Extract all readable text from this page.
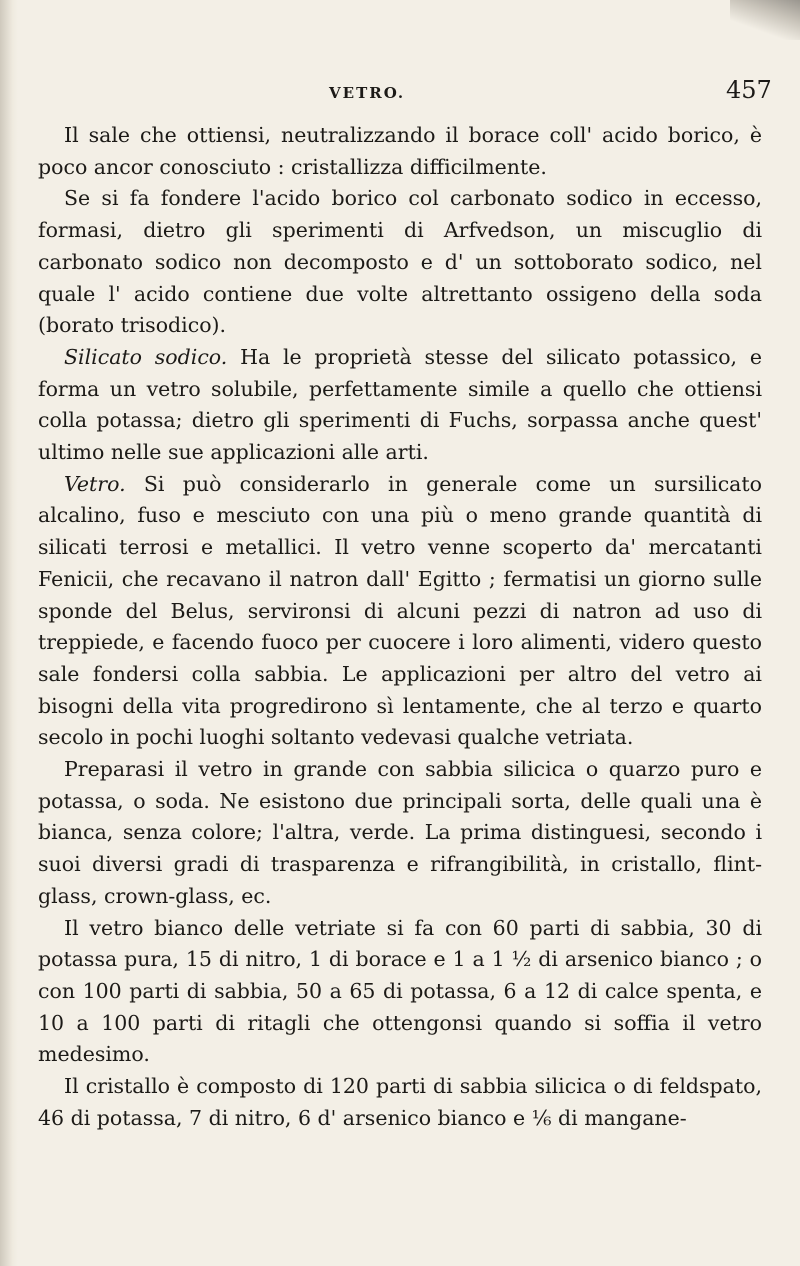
VETRO.	457

Il sale che ottiensi, neutralizzando il borace coll' acido borico, è poco ancor conosciuto : cristallizza difficilmente.

Se si fa fondere l'acido borico col carbonato sodico in eccesso, formasi, dietro gli sperimenti di Arfvedson, un miscuglio di carbonato sodico non decomposto e d' un sottoborato sodico, nel quale l' acido contiene due volte altrettanto ossigeno della soda (borato trisodico).

Silicato sodico. Ha le proprietà stesse del silicato potassico, e forma un vetro solubile, perfettamente simile a quello che ottiensi colla potassa; dietro gli sperimenti di Fuchs, sorpassa anche quest' ultimo nelle sue applicazioni alle arti.

Vetro. Si può considerarlo in generale come un sursilicato alcalino, fuso e mesciuto con una più o meno grande quantità di silicati terrosi e metallici. Il vetro venne scoperto da' mercatanti Fenicii, che recavano il natron dall' Egitto ; fermatisi un giorno sulle sponde del Belus, servironsi di alcuni pezzi di natron ad uso di treppiede, e facendo fuoco per cuocere i loro alimenti, videro questo sale fondersi colla sabbia. Le applicazioni per altro del vetro ai bisogni della vita progredirono sì lentamente, che al terzo e quarto secolo in pochi luoghi soltanto vedevasi qualche vetriata.

Preparasi il vetro in grande con sabbia silicica o quarzo puro e potassa, o soda. Ne esistono due principali sorta, delle quali una è bianca, senza colore; l'altra, verde. La prima distinguesi, secondo i suoi diversi gradi di trasparenza e rifrangibilità, in cristallo, flint-glass, crown-glass, ec.

Il vetro bianco delle vetriate si fa con 60 parti di sabbia, 30 di potassa pura, 15 di nitro, 1 di borace e 1 a 1 ½ di arsenico bianco ; o con 100 parti di sabbia, 50 a 65 di potassa, 6 a 12 di calce spenta, e 10 a 100 parti di ritagli che ottengonsi quando si soffia il vetro medesimo.

Il cristallo è composto di 120 parti di sabbia silicica o di feldspato, 46 di potassa, 7 di nitro, 6 d' arsenico bianco e ⅙ di mangane-
